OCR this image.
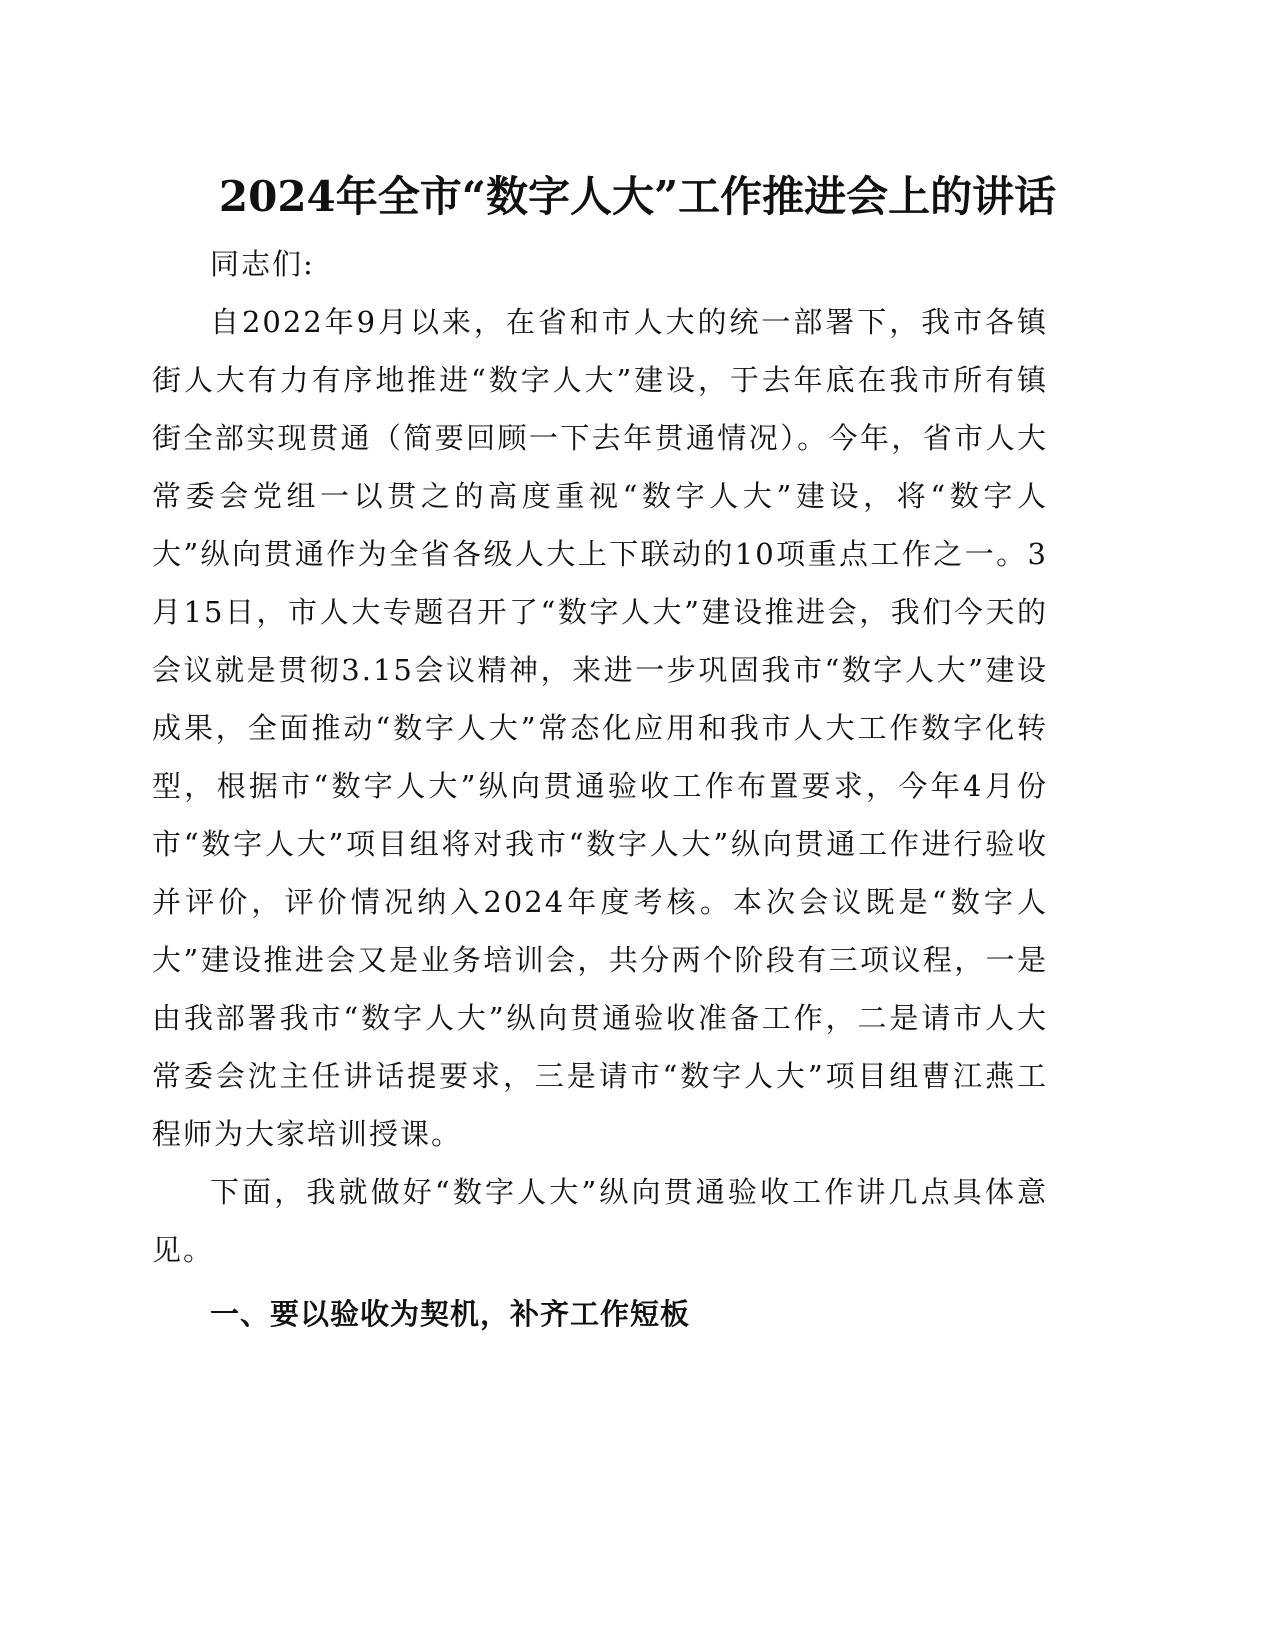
2024年全市“数字人大”工作推进会上的讲话

同志们:

自2022年9月以来，在省和市人大的统一部署下，我市各镇街人大有力有序地推进“数字人大”建设，于去年底在我市所有镇街全部实现贯通（简要回顾一下去年贯通情况）。今年，省市人大常委会党组一以贯之的高度重视“数字人大”建设，将“数字人大”纵向贯通作为全省各级人大上下联动的10项重点工作之一。3月15日，市人大专题召开了“数字人大”建设推进会，我们今天的会议就是贯彻3.15会议精神，来进一步巩固我市“数字人大”建设成果，全面推动“数字人大”常态化应用和我市人大工作数字化转型，根据市“数字人大”纵向贯通验收工作布置要求，今年4月份市“数字人大”项目组将对我市“数字人大”纵向贯通工作进行验收并评价，评价情况纳入2024年度考核。本次会议既是“数字人大”建设推进会又是业务培训会，共分两个阶段有三项议程，一是由我部署我市“数字人大”纵向贯通验收准备工作，二是请市人大常委会沈主任讲话提要求，三是请市“数字人大”项目组曹江燕工程师为大家培训授课。

下面，我就做好“数字人大”纵向贯通验收工作讲几点具体意见。

一、要以验收为契机，补齐工作短板
